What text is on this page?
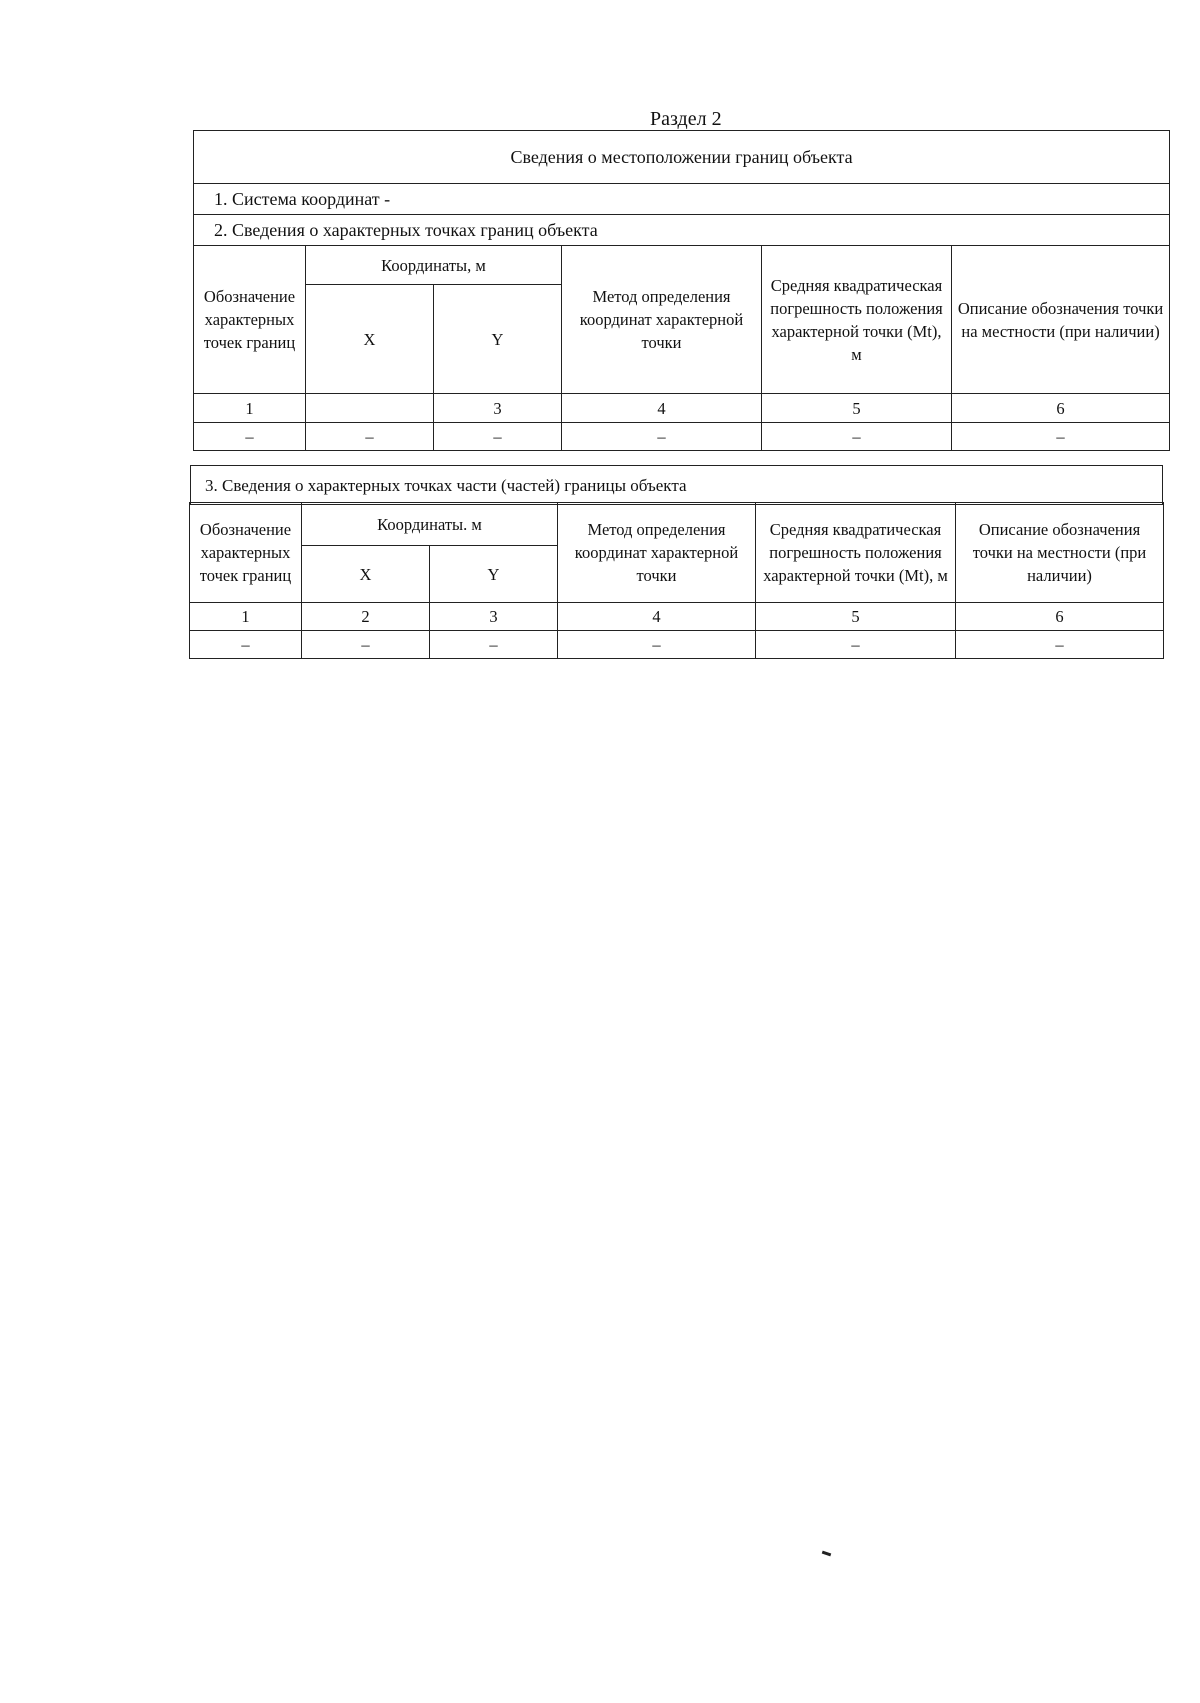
Раздел 2
Сведения о местоположении границ объекта					
1. Система координат -					
2. Сведения о характерных точках границ объекта					
Обозначение характерных точек границ	Координаты, м		Метод определения координат характерной точки	Средняя квадратическая погрешность положения характерной точки (Mt), м	Описание обозначения точки на местности (при наличии)
	X	Y			
1		3	4	5	6
–	–	–	–	–	–
3. Сведения о характерных точках части (частей) границы объекта
Обозначение характерных точек границ	Координаты. м		Метод определения координат характерной точки	Средняя квадратическая погрешность положения характерной точки (Mt), м	Описание обозначения точки на местности (при наличии)
	X	Y			
1	2	3	4	5	6
–	–	–	–	–	–
